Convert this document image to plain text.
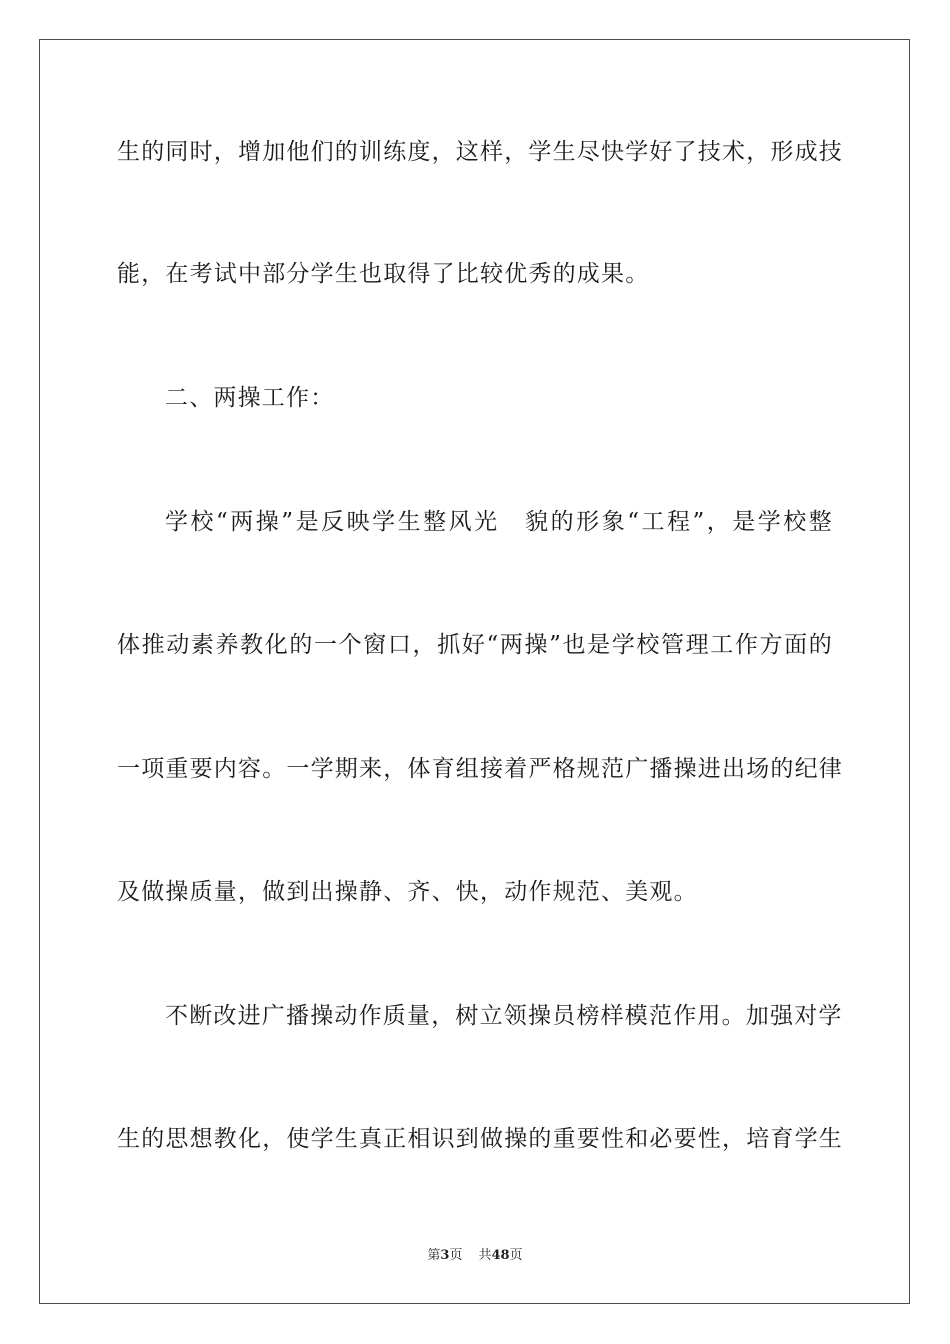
生的同时，增加他们的训练度，这样，学生尽快学好了技术，形成技
能，在考试中部分学生也取得了比较优秀的成果。
二、两操工作：
学校“两操”是反映学生整风光　貌的形象“工程”，是学校整
体推动素养教化的一个窗口，抓好“两操”也是学校管理工作方面的
一项重要内容。一学期来，体育组接着严格规范广播操进出场的纪律
及做操质量，做到出操静、齐、快，动作规范、美观。
不断改进广播操动作质量，树立领操员榜样模范作用。加强对学
生的思想教化，使学生真正相识到做操的重要性和必要性，培育学生
第3页 共48页
